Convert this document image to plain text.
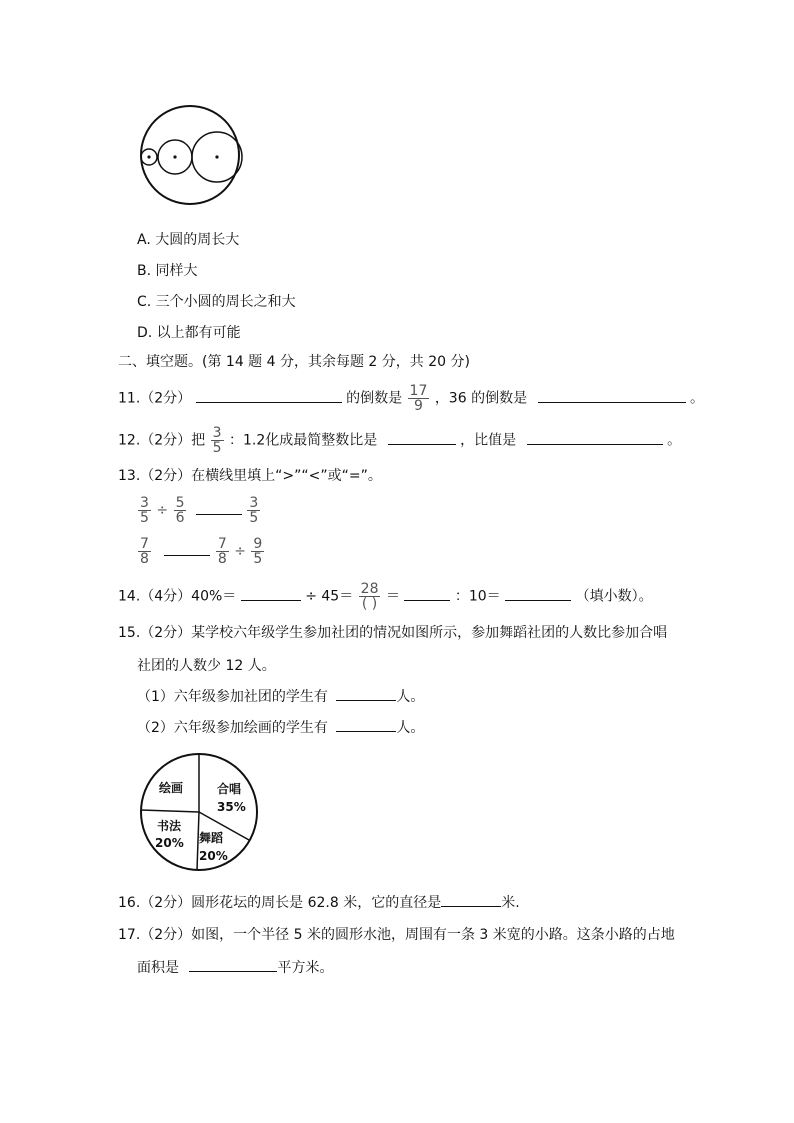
A. 大圆的周长大
B. 同样大
C. 三个小圆的周长之和大
D. 以上都有可能
二、填空题。(第 14 题 4 分，其余每题 2 分，共 20 分)
11.（2分）	的倒数是 $\frac{17}{9}$ ，36 的倒数是	。
12.（2分）把 $\frac{3}{5}$ ：1.2化成最简整数比是	，比值是	。
13.（2分）在横线里填上“>”“<”或“=”。
$\frac{3}{5} \div \frac{5}{6}$
	$\frac{3}{5}$
$\frac{7}{8}$
	$\frac{7}{8} \div \frac{9}{5}$
14.（4分）40%＝	÷ $45= \frac{28}{( )}$ ＝	：10＝	（填小数）。
15.（2分）某学校六年级学生参加社团的情况如图所示，参加舞蹈社团的人数比参加合唱
社团的人数少 12 人。
（1）六年级参加社团的学生有	人。
（2）六年级参加绘画的学生有	人。
绘画	合唱
35%
书法
20% 舞蹈
20%
16.（2分）圆形花坛的周长是 62.8 米，它的直径是	米.
17.（2分）如图，一个半径 5 米的圆形水池，周围有一条 3 米宽的小路。这条小路的占地
面积是	平方米。
